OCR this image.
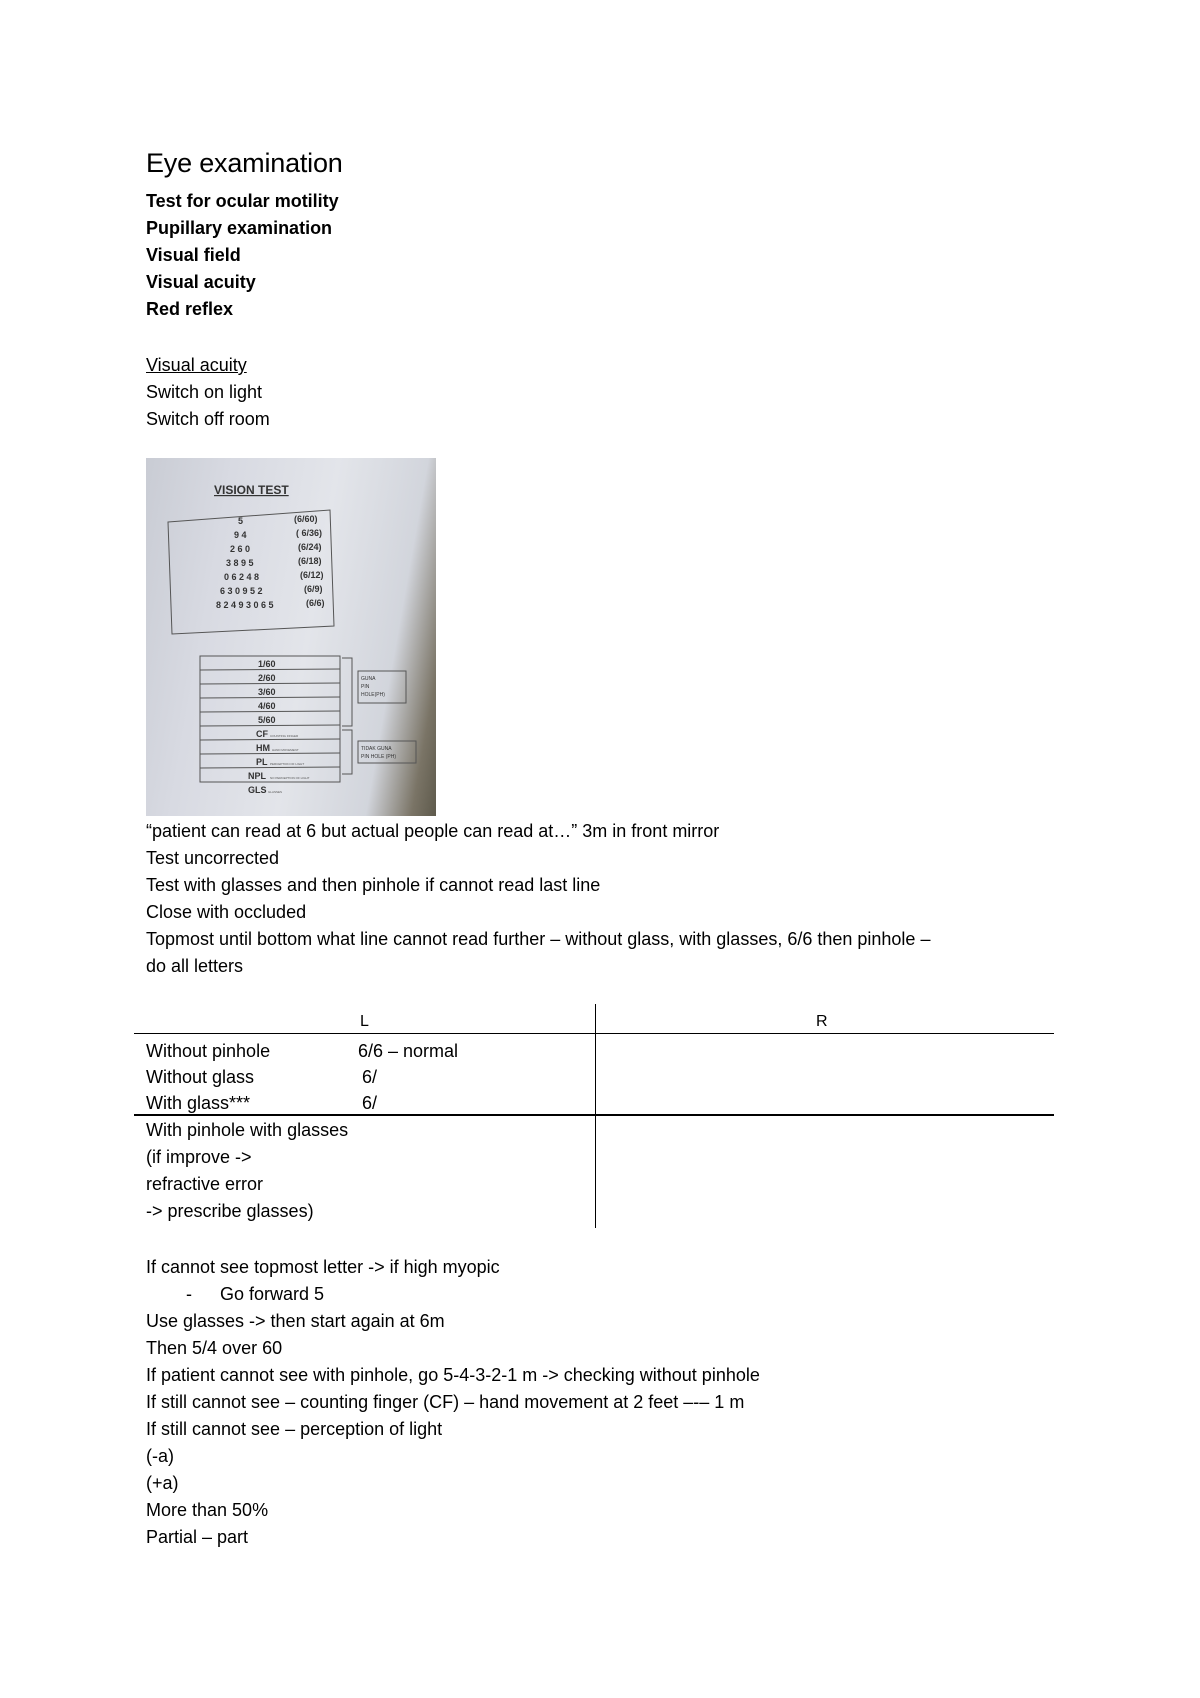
Eye examination
Test for ocular motility
Pupillary examination
Visual field
Visual acuity
Red reflex
Visual acuity
Switch on light
Switch off room
“patient can read at 6 but actual people can read at…” 3m in front mirror
Test uncorrected
Test with glasses and then pinhole if cannot read last line
Close with occluded
Topmost until bottom what line cannot read further – without glass, with glasses, 6/6 then pinhole –
do all letters
If cannot see topmost letter -> if high myopic
- Go forward 5
Use glasses -> then start again at 6m
Then 5/4 over 60
If patient cannot see with pinhole, go 5-4-3-2-1 m -> checking without pinhole
If still cannot see – counting finger (CF) – hand movement at 2 feet –-– 1 m
If still cannot see – perception of light
(-a)
(+a)
More than 50%
Partial – part
VISION TEST
5	(6/60)
9 4	( 6/36)
2 6 0	(6/24)
3 8 9 5	(6/18)
0 6 2 4 8	(6/12)
6 3 0 9 5 2	(6/9)
8 2 4 9 3 0 6 5	(6/6)
1/60
2/60
3/60
4/60
5/60
CF
HM
PL
NPL
GLS
COUNTING FINGER
HAND MOVEMENT
PERCEPTION OF LIGHT
NO PERCEPTION OF LIGHT
GLASSES
GUNA
PIN
HOLE(PH)
TIDAK GUNA
PIN HOLE (PH)
L	R
Without pinhole	6/6 – normal
Without glass	6/
With glass***	6/
With pinhole with glasses
(if improve ->
refractive error
-> prescribe glasses)
